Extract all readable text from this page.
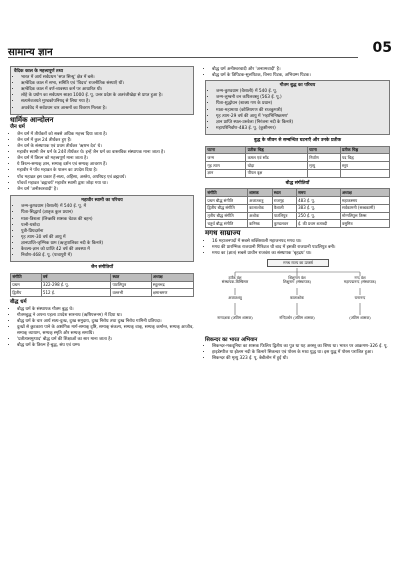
सामान्य ज्ञान	05
वैदिक काल के महत्त्वपूर्ण तथ्य
• भारत में आर्य सर्वप्रथम 'सप्त सिन्धु' क्षेत्र में बसे।
• ऋग्वैदिक काल में सभा, समिति एवं 'विदथ' राजनीतिक संस्थाएँ थीं।
• ऋग्वैदिक काल में वर्ण-व्यवस्था कर्म पर आधारित थी।
• लोहे के प्रयोग का सर्वप्रथम साक्ष्य 1000 ई. पू. उत्तर प्रदेश के अतरंजीखेड़ा से प्राप्त हुआ है।
• सत्यमेवजयते मुण्डकोपनिषद् से लिया गया है।
• अथर्ववेद में सर्वप्रथम चार आश्रमों का विवरण मिलता है।
धार्मिक आन्दोलन
जैन धर्म
• जैन धर्म में तीर्थंकरों को सबसे अधिक महत्त्व दिया जाता है।
• जैन धर्म में कुल 24 तीर्थंकर हुए हैं।
• जैन धर्म के संस्थापक एवं प्रथम तीर्थंकर 'ऋषभ देव' थे।
• महावीर स्वामी जैन धर्म के 24वें तीर्थंकर थे। इन्हें जैन धर्म का वास्तविक संस्थापक माना जाता है।
• जैन धर्म में त्रिरत्न को महत्त्वपूर्ण माना जाता है।
• ये त्रिरत्न-सम्यक् ज्ञान, सम्यक् दर्शन एवं सम्यक् आचरण हैं।
• महावीर ने पाँच महाव्रत के पालन का उपदेश दिया है।
• पाँच महाव्रत इस प्रकार हैं-सत्य, अहिंसा, अस्तेय, अपरिग्रह एवं ब्रह्मचर्य।
• पाँचवाँ महाव्रत 'ब्रह्मचर्य' महावीर स्वामी द्वारा जोड़ा गया था।
• जैन धर्म 'अनीश्वरवादी' है।
महावीर स्वामी का परिचय
• जन्म-कुण्डग्राम (वैशाली) में 540 ई. पू. में
• पिता-सिद्धार्थ (ज्ञातृक कुल प्रधान)
• माता-त्रिशला (लिच्छवि शासक चेटक की बहन)
• पत्नी-यशोदा
• पुत्री-प्रियदर्शना
• गृह त्याग-30 वर्ष की आयु में
• ज्ञानप्राप्ति-जृम्भिक ग्राम (ऋजुपालिका नदी के किनारे)
• कैवल्य-ज्ञान को प्राप्ति 42 वर्ष की अवस्था में
• निर्वाण-468 ई. पू. (पावापुरी में)
जैन संगीतियाँ
संगीति	वर्ष	स्थल	अध्यक्ष
प्रथम	322-298 ई. पू.	पाटलिपुत्र	स्थूलभद्र
द्वितीय	512 ई.	वल्लभी	क्षमाश्रमण
बौद्ध धर्म
• बौद्ध धर्म के संस्थापक गौतम बुद्ध थे।
• गौतमबुद्ध ने अपना पहला उपदेश सारनाथ (ऋषिपत्तनम) में दिया था।
• बौद्ध धर्म के चार आर्य सत्य-दुःख, दुःख समुदाय, दुःख निरोध तथा दुःख निरोध गामिनी प्रतिपदा।
• दुःखों से छुटकारा पाने के अष्टांगिक मार्ग-सम्यक् दृष्टि, सम्यक् संकल्प, सम्यक् वाक्, सम्यक् कर्मान्त, सम्यक् आजीव, सम्यक् व्यायाम, सम्यक् स्मृति और सम्यक् समाधि।
• 'प्रतीत्यसमुत्पाद' बौद्ध धर्म की शिक्षाओं का सार माना जाता है।
• बौद्ध धर्म के त्रिरत्न हैं-बुद्ध, संघ एवं धम्म।
• बौद्ध धर्म अनीश्वरवादी और 'अनात्मवादी' है।
• बौद्ध धर्म के त्रिपिटक-सुत्तपिटक, विनय पिटक, अभिधम्म पिटक।
गौतम बुद्ध का परिचय
• जन्म-कुण्डग्राम (वैशाली) में 540 ई. पू.
• जन्म-लुम्बनी वन कपिलवस्तु (563 ई. पू.)
• पिता-शुद्धोधन (शाक्य गण के प्रधान)
• माता-महामाया (कोलियगण की राजकुमारी)
• गृह त्याग-29 वर्ष की आयु में 'महाभिनिष्क्रमण'
• ज्ञान प्राप्ति स्थल-उरुवेला (निरंजना नदी के किनारे)
• महापरिनिर्वाण-483 ई. पू. (कुशीनगर)
बुद्ध के जीवन से सम्बन्धित घटनाएँ और उनके प्रतीक
घटना	प्रतीक चिह्न	घटना	प्रतीक चिह्न
जन्म	कमल एवं साँड	निर्वाण	पद चिह्न
गृह त्याग	घोड़ा	मृत्यु	स्तूप
ज्ञान	पीपल वृक्ष		
बौद्ध संगीतियाँ
संगीति	शासक	स्थल	समय	अध्यक्ष
प्रथम बौद्ध संगीति	अजातशत्रु	राजगृह	483 ई. पू.	महाकस्सप
द्वितीय बौद्ध संगीति	कालाशोक	वैशाली	383 ई. पू.	सर्वकामनी (सब्बकामी)
तृतीय बौद्ध संगीति	अशोक	पाटलिपुत्र	250 ई. पू.	मोग्गलिपुत्त तिस्स
चतुर्थ बौद्ध संगीति	कनिष्क	कुण्डलवन	ई. की प्रथम शताब्दी	वसुमित्र
मगध साम्राज्य
• 16 महाजनपदों में सबसे शक्तिशाली महाजनपद मगध था।
• मगध की प्रारम्भिक राजधानी गिरिव्रज थी बाद में इसकी राजधानी पाटलिपुत्र बनी।
• मगध का (ज्ञात) सबसे प्राचीन राजवंश का संस्थापक 'बृहद्रथ' था।
मगध राज्य का उत्कर्ष
हर्यंक वंश
संस्थापक-बिम्बिसार
अजातशत्रु
नागदशक (अंतिम शासक)
शिशुनाग वंश
शिशुनाग (संस्थापक)
कालाशोक
नन्दिवर्धन (अंतिम शासक)
नन्द वंश
महापद्मनन्द (संस्थापक)
घनानन्द
(अंतिम शासक)
सिकन्दर का भारत अभियान
• सिकन्दर-मकदूनिया का शासक फिलिप द्वितीय का पुत्र था यह अरस्तू का शिष्य था। भारत पर आक्रमण-326 ई. पू.
• हाइडेस्पीज या झेलम नदी के किनारे सिकन्दर एवं पोरस के मध्य युद्ध था। इस युद्ध में पोरस पराजित हुआ।
• सिकन्दर की मृत्यु 323 ई. पू. बेबीलोन में हुई थी।
